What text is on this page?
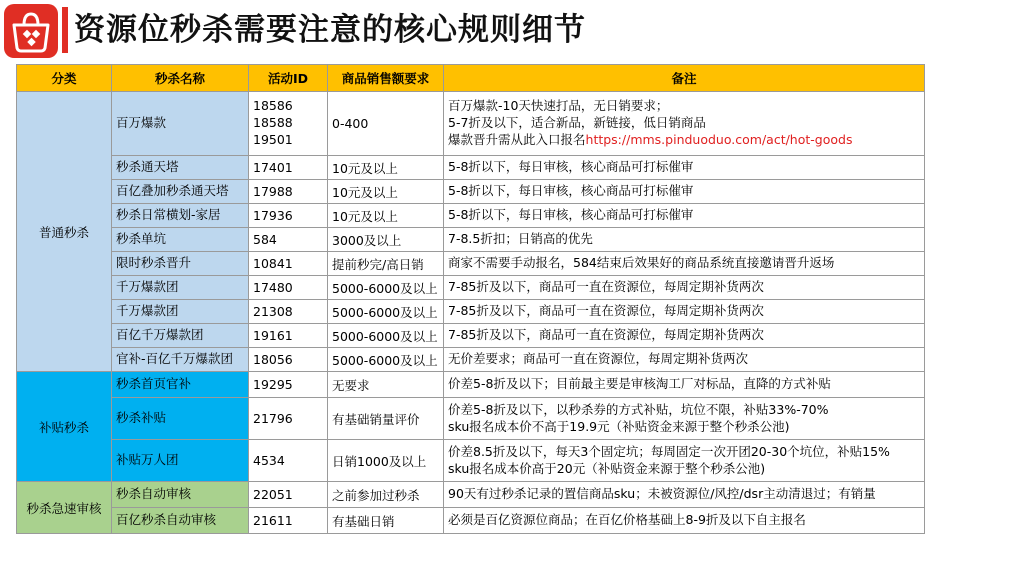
资源位秒杀需要注意的核心规则细节
分类	秒杀名称	活动ID	商品销售额要求	备注
普通秒杀	百万爆款	18586
18588
19501	0-400	百万爆款-10天快速打品，无日销要求；
5-7折及以下，适合新品，新链接，低日销商品
爆款晋升需从此入口报名https://mms.pinduoduo.com/act/hot-goods
	秒杀通天塔	17401	10元及以上	5-8折以下，每日审核，核心商品可打标催审
	百亿叠加秒杀通天塔	17988	10元及以上	5-8折以下，每日审核，核心商品可打标催审
	秒杀日常横划-家居	17936	10元及以上	5-8折以下，每日审核，核心商品可打标催审
	秒杀单坑	584	3000及以上	7-8.5折扣；日销高的优先
	限时秒杀晋升	10841	提前秒完/高日销	商家不需要手动报名，584结束后效果好的商品系统直接邀请晋升返场
	千万爆款团	17480	5000-6000及以上	7-85折及以下，商品可一直在资源位，每周定期补货两次
	千万爆款团	21308	5000-6000及以上	7-85折及以下，商品可一直在资源位，每周定期补货两次
	百亿千万爆款团	19161	5000-6000及以上	7-85折及以下，商品可一直在资源位，每周定期补货两次
	官补-百亿千万爆款团	18056	5000-6000及以上	无价差要求；商品可一直在资源位，每周定期补货两次
补贴秒杀	秒杀首页官补	19295	无要求	价差5-8折及以下；目前最主要是审核淘工厂对标品，直降的方式补贴
	秒杀补贴	21796	有基础销量评价	价差5-8折及以下，以秒杀券的方式补贴，坑位不限，补贴33%-70%
sku报名成本价不高于19.9元（补贴资金来源于整个秒杀公池)
	补贴万人团	4534	日销1000及以上	价差8.5折及以下，每天3个固定坑；每周固定一次开团20-30个坑位，补贴15%
sku报名成本价高于20元（补贴资金来源于整个秒杀公池)
秒杀急速审核	秒杀自动审核	22051	之前参加过秒杀	90天有过秒杀记录的置信商品sku；未被资源位/风控/dsr主动清退过；有销量
	百亿秒杀自动审核	21611	有基础日销	必须是百亿资源位商品；在百亿价格基础上8-9折及以下自主报名
